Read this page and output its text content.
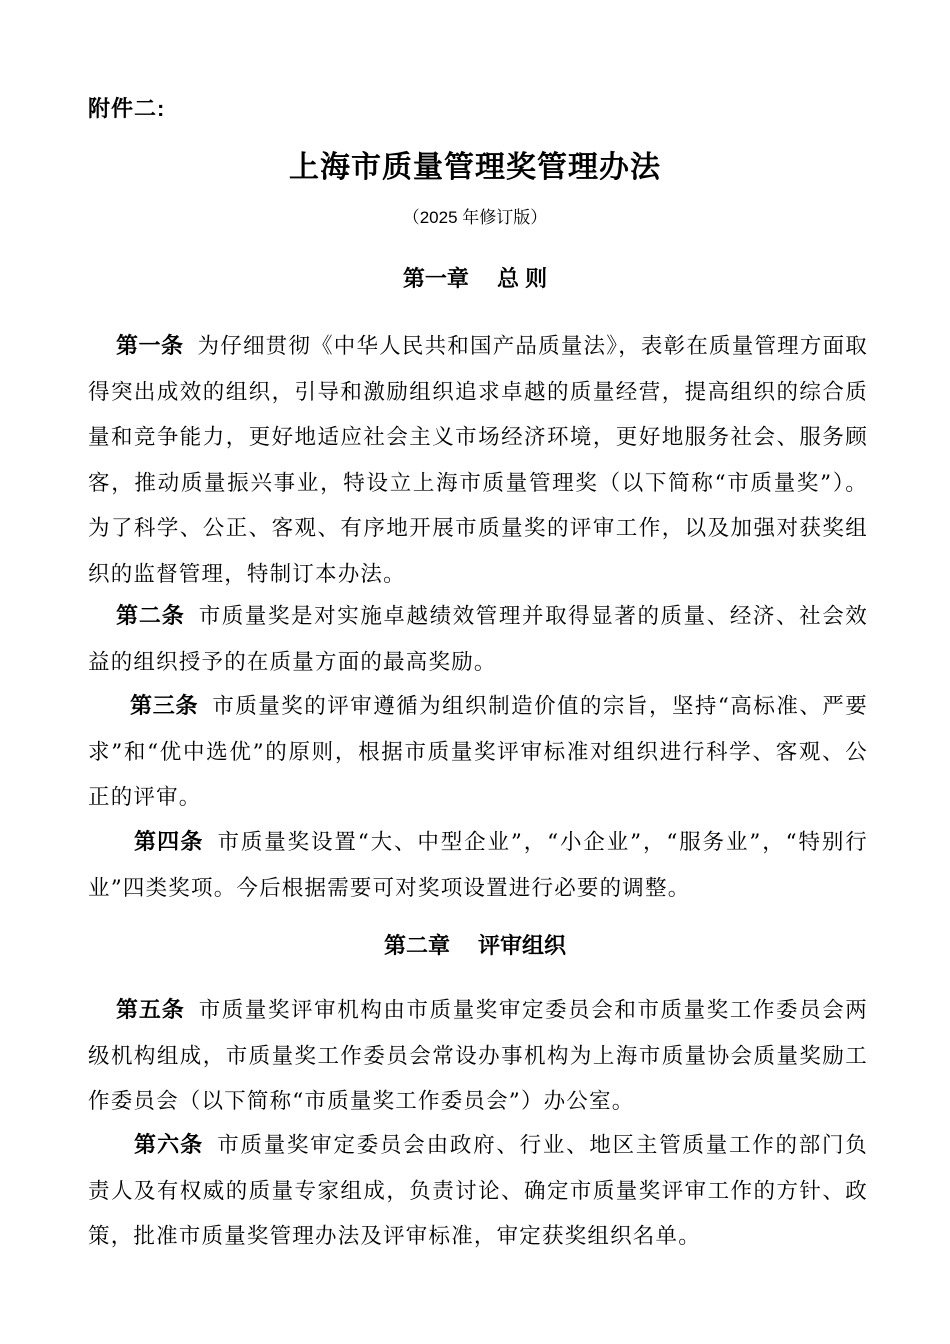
附件二:
上海市质量管理奖管理办法
（2025 年修订版）
第一章　 总 则
第一条 为仔细贯彻《中华人民共和国产品质量法》，表彰在质量管理方面取得突出成效的组织，引导和激励组织追求卓越的质量经营，提高组织的综合质量和竞争能力，更好地适应社会主义市场经济环境，更好地服务社会、服务顾客，推动质量振兴事业，特设立上海市质量管理奖（以下简称“市质量奖”）。为了科学、公正、客观、有序地开展市质量奖的评审工作，以及加强对获奖组织的监督管理，特制订本办法。
第二条 市质量奖是对实施卓越绩效管理并取得显著的质量、经济、社会效益的组织授予的在质量方面的最高奖励。
第三条 市质量奖的评审遵循为组织制造价值的宗旨，坚持“高标准、严要求”和“优中选优”的原则，根据市质量奖评审标准对组织进行科学、客观、公正的评审。
第四条 市质量奖设置“大、中型企业”，“小企业”，“服务业”，“特别行业”四类奖项。今后根据需要可对奖项设置进行必要的调整。
第二章　 评审组织
第五条 市质量奖评审机构由市质量奖审定委员会和市质量奖工作委员会两级机构组成，市质量奖工作委员会常设办事机构为上海市质量协会质量奖励工作委员会（以下简称“市质量奖工作委员会”）办公室。
第六条 市质量奖审定委员会由政府、行业、地区主管质量工作的部门负责人及有权威的质量专家组成，负责讨论、确定市质量奖评审工作的方针、政策，批准市质量奖管理办法及评审标准，审定获奖组织名单。
